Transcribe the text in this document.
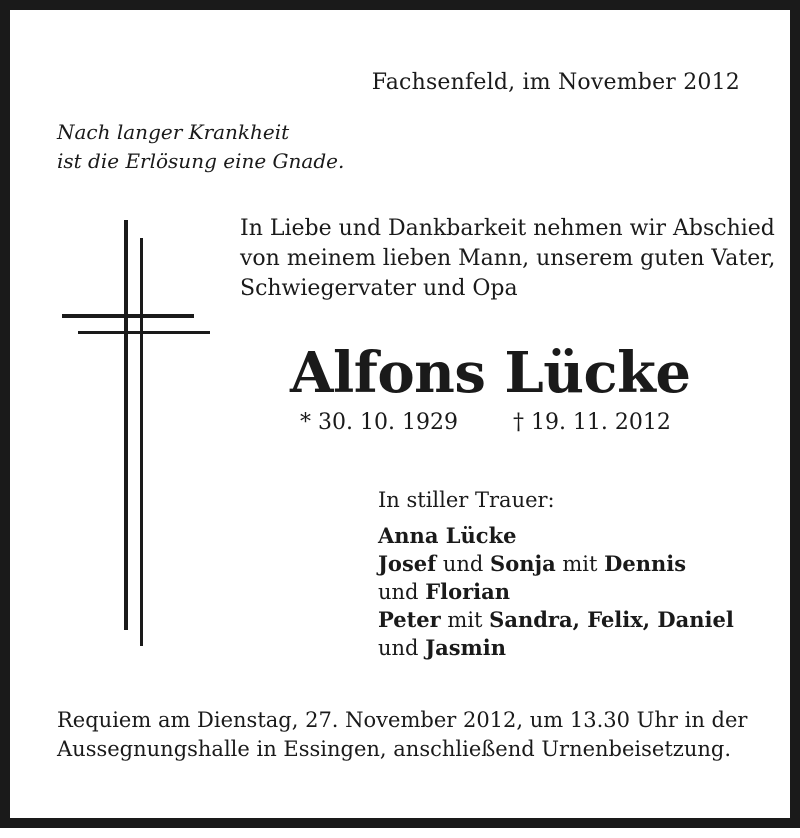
Fachsenfeld, im November 2012
Nach langer Krankheit
ist die Erlösung eine Gnade.
In Liebe und Dankbarkeit nehmen wir Abschied
von meinem lieben Mann, unserem guten Vater,
Schwiegervater und Opa
Alfons Lücke
* 30. 10. 1929	† 19. 11. 2012
In stiller Trauer:
Anna Lücke
Josef und Sonja mit Dennis
und Florian
Peter mit Sandra, Felix, Daniel
und Jasmin
Requiem am Dienstag, 27. November 2012, um 13.30 Uhr in der
Aussegnungshalle in Essingen, anschließend Urnenbeisetzung.
